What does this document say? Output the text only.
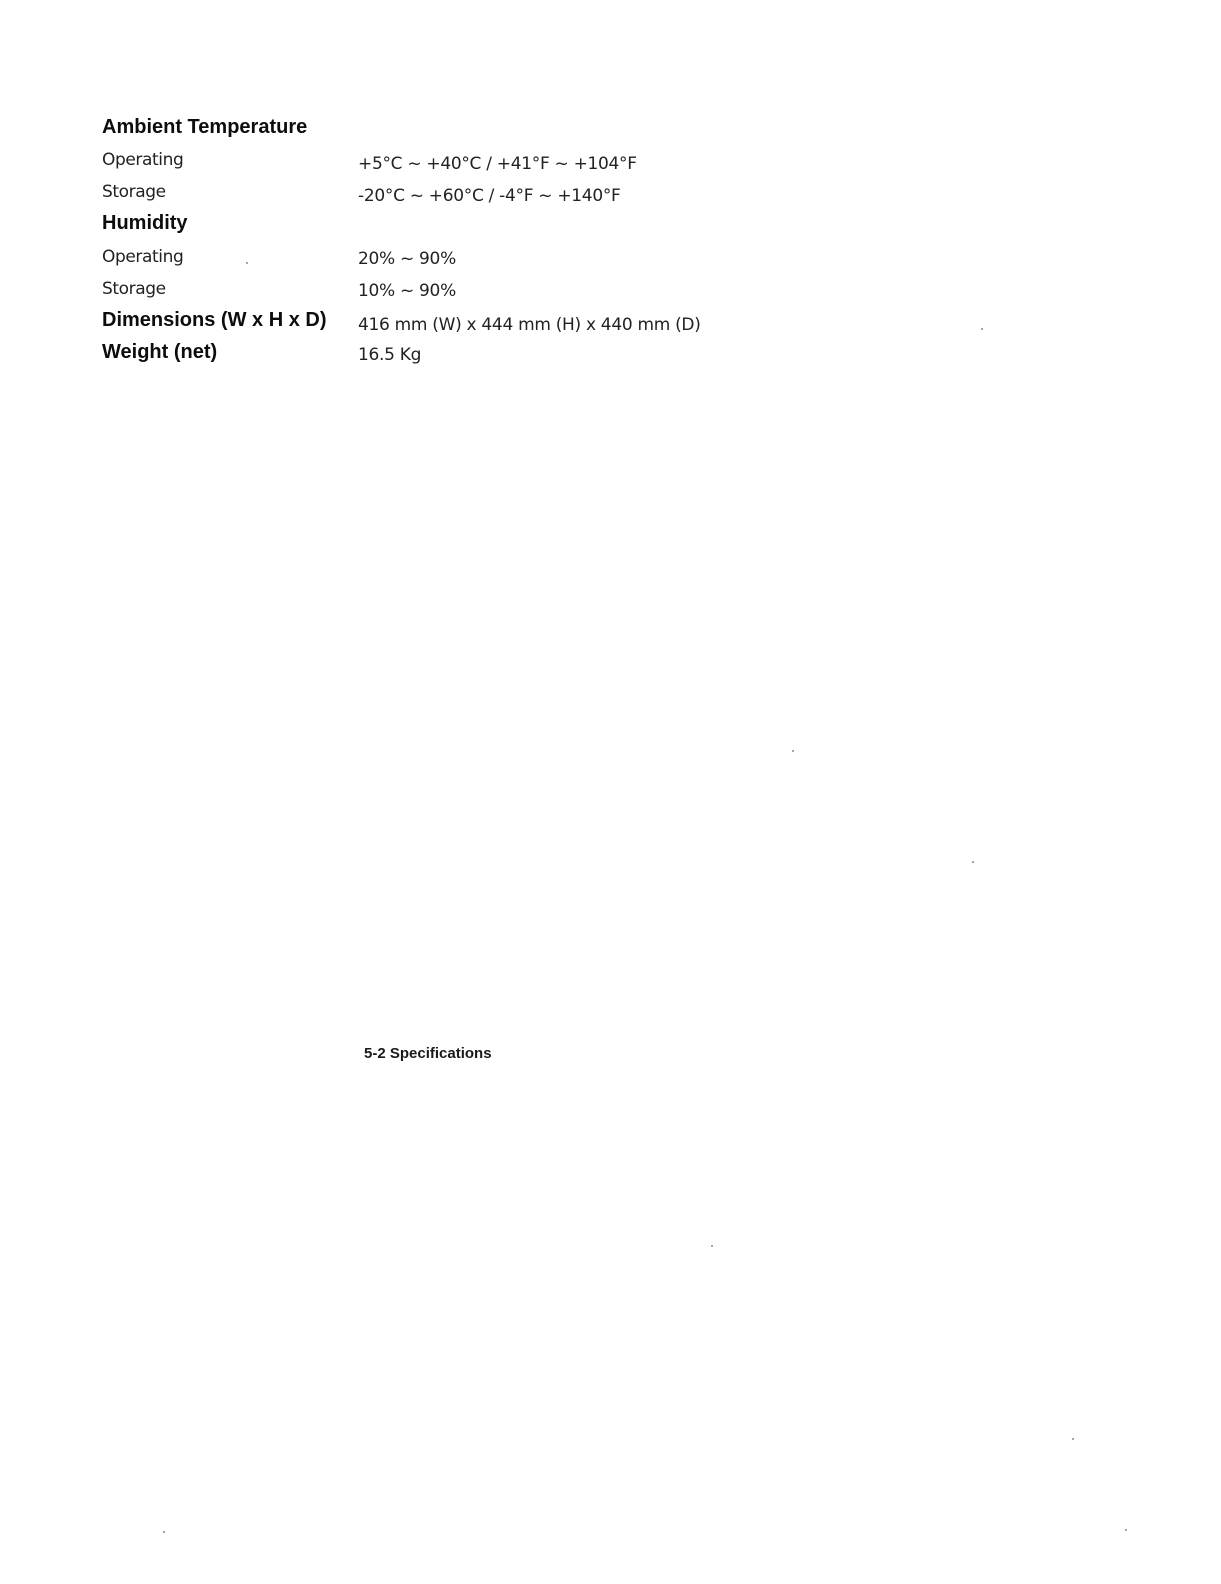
Ambient Temperature
Operating	+5°C ~ +40°C / +41°F ~ +104°F
Storage	-20°C ~ +60°C / -4°F ~ +140°F
Humidity
Operating	20% ~ 90%
Storage	10% ~ 90%
Dimensions (W x H x D) 416 mm (W) x 444 mm (H) x 440 mm (D)
Weight (net)	16.5 Kg
5-2 Specifications
